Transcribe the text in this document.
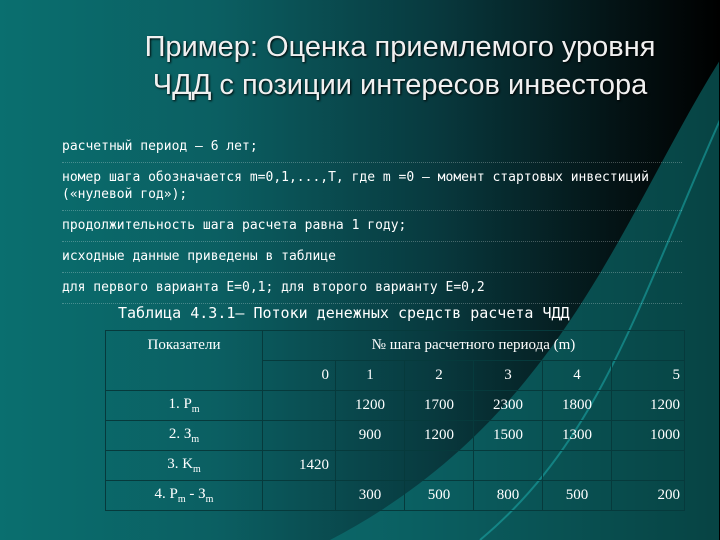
Пример: Оценка приемлемого уровня
ЧДД с позиции интересов инвестора
расчетный период – 6 лет;
номер шага обозначается m=0,1,...,T, где m =0 – момент стартовых инвестиций («нулевой год»);
продолжительность шага расчета равна 1 году;
исходные данные приведены в таблице
для первого варианта E=0,1; для второго варианту E=0,2
Таблица 4.3.1– Потоки денежных средств расчета ЧДД
Показатели	№ шага расчетного периода (m)					
	0	1	2	3	4	5
1. $P_m$		1200	1700	2300	1800	1200
2. $З_m$		900	1200	1500	1300	1000
3. $K_m$	1420					
4. $P_m - З_m$		300	500	800	500	200
